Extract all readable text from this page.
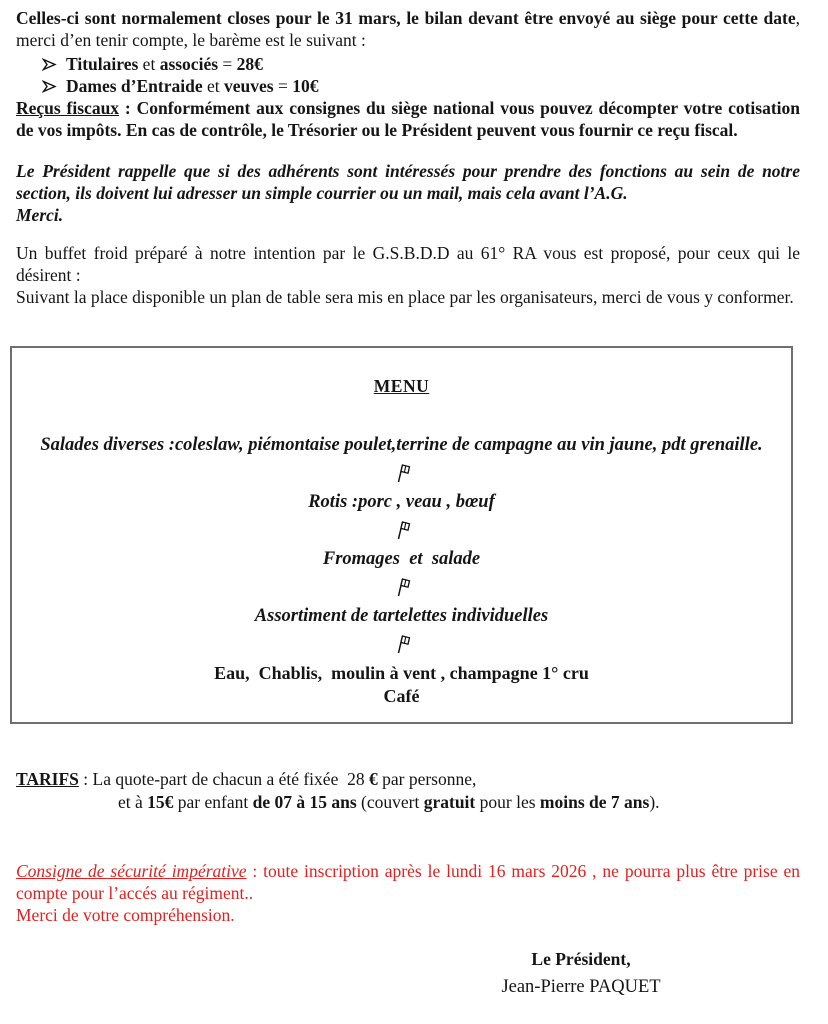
Celles-ci sont normalement closes pour le 31 mars, le bilan devant être envoyé au siège pour cette date, merci d’en tenir compte, le barème est le suivant :

Titulaires et associés = 28€
Dames d’Entraide et veuves = 10€

Reçus fiscaux : Conformément aux consignes du siège national vous pouvez décompter votre cotisation de vos impôts. En cas de contrôle, le Trésorier ou le Président peuvent vous fournir ce reçu fiscal.

Le Président rappelle que si des adhérents sont intéressés pour prendre des fonctions au sein de notre section, ils doivent lui adresser un simple courrier ou un mail, mais cela avant l’A.G.

Merci.

Un buffet froid préparé à notre intention par le G.S.B.D.D au 61° RA vous est proposé, pour ceux qui le désirent :

Suivant la place disponible un plan de table sera mis en place par les organisateurs, merci de vous y conformer.

MENU
Salades diverses :coleslaw, piémontaise poulet,terrine de campagne au vin jaune, pdt grenaille.
Rotis :porc , veau , bœuf
Fromages  et  salade
Assortiment de tartelettes individuelles
Eau,  Chablis,  moulin à vent , champagne 1° cru
Café
TARIFS : La quote-part de chacun a été fixée  28 € par personne,
et à 15€ par enfant de 07 à 15 ans (couvert gratuit pour les moins de 7 ans).

Consigne de sécurité impérative : toute inscription après le lundi 16 mars 2026 , ne pourra plus être prise en compte pour l’accés au régiment..

Merci de votre compréhension.

Le Président,
Jean-Pierre PAQUET
